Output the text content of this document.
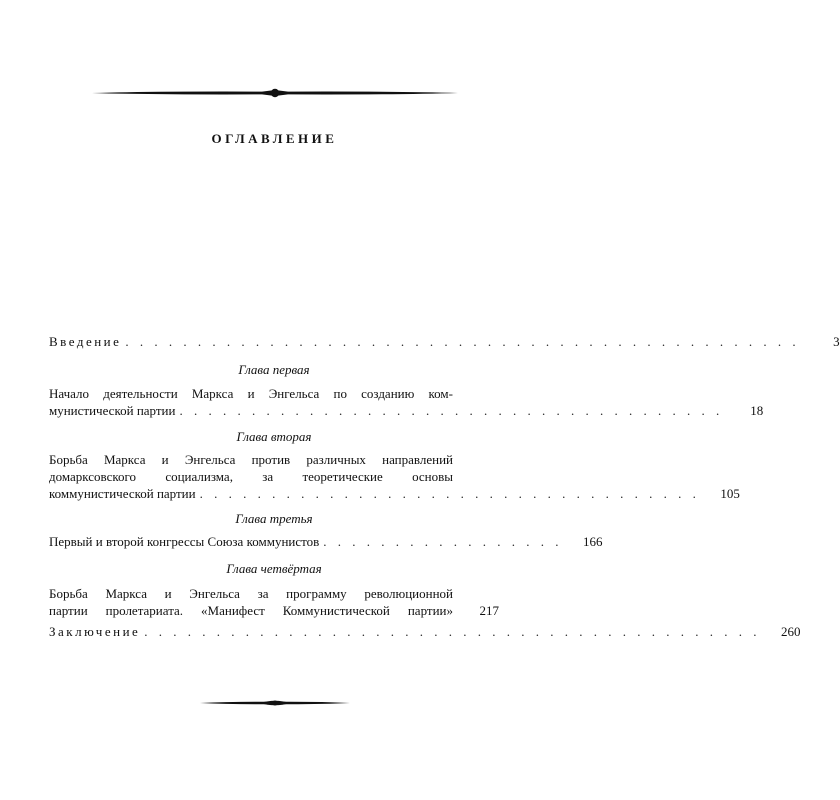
ОГЛАВЛЕНИЕ
Введение . . . . . . . . . . . . . . . . . . . . . . . . . . . . . . . . . . . . . . . . . . . . . . .	3
Глава первая
Начало деятельности Маркса и Энгельса по созданию ком-
мунистической партии . . . . . . . . . . . . . . . . . . . . . . . . . . . . . . . . . . . . . .	18
Глава вторая
Борьба Маркса и Энгельса против различных направлений
домарксовского социализма, за теоретические основы
коммунистической партии . . . . . . . . . . . . . . . . . . . . . . . . . . . . . . . . . . .	105
Глава третья
Первый и второй конгрессы Союза коммунистов . . . . . . . . . . . . . . . . .	166
Глава четвёртая
Борьба Маркса и Энгельса за программу революционной
партии пролетариата. «Манифест Коммунистической партии»	217
Заключение . . . . . . . . . . . . . . . . . . . . . . . . . . . . . . . . . . . . . . . . . . .	260
